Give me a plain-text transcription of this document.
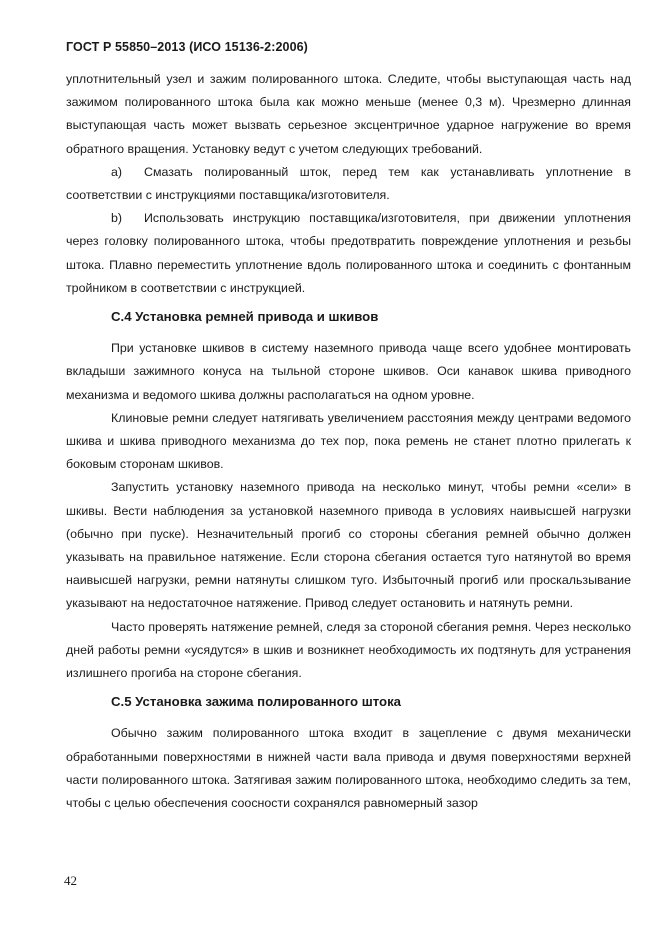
ГОСТ Р 55850–2013 (ИСО 15136-2:2006)

уплотнительный узел и зажим полированного штока. Следите, чтобы выступающая часть над зажимом полированного штока была как можно меньше (менее 0,3 м). Чрезмерно длинная выступающая часть может вызвать серьезное эксцентричное ударное нагружение во время обратного вращения. Установку ведут с учетом следующих требований.

а) Смазать полированный шток, перед тем как устанавливать уплотнение в соответствии с инструкциями поставщика/изготовителя.

b) Использовать инструкцию поставщика/изготовителя, при движении уплотнения через головку полированного штока, чтобы предотвратить повреждение уплотнения и резьбы штока. Плавно переместить уплотнение вдоль полированного штока и соединить с фонтанным тройником в соответствии с инструкцией.

С.4 Установка ремней привода и шкивов

При установке шкивов в систему наземного привода чаще всего удобнее монтировать вкладыши зажимного конуса на тыльной стороне шкивов. Оси канавок шкива приводного механизма и ведомого шкива должны располагаться на одном уровне.

Клиновые ремни следует натягивать увеличением расстояния между центрами ведомого шкива и шкива приводного механизма до тех пор, пока ремень не станет плотно прилегать к боковым сторонам шкивов.

Запустить установку наземного привода на несколько минут, чтобы ремни «сели» в шкивы. Вести наблюдения за установкой наземного привода в условиях наивысшей нагрузки (обычно при пуске). Незначительный прогиб со стороны сбегания ремней обычно должен указывать на правильное натяжение. Если сторона сбегания остается туго натянутой во время наивысшей нагрузки, ремни натянуты слишком туго. Избыточный прогиб или проскальзывание указывают на недостаточное натяжение. Привод следует остановить и натянуть ремни.

Часто проверять натяжение ремней, следя за стороной сбегания ремня. Через несколько дней работы ремни «усядутся» в шкив и возникнет необходимость их подтянуть для устранения излишнего прогиба на стороне сбегания.

С.5 Установка зажима полированного штока

Обычно зажим полированного штока входит в зацепление с двумя механически обработанными поверхностями в нижней части вала привода и двумя поверхностями верхней части полированного штока. Затягивая зажим полированного штока, необходимо следить за тем, чтобы с целью обеспечения соосности сохранялся равномерный зазор

42
